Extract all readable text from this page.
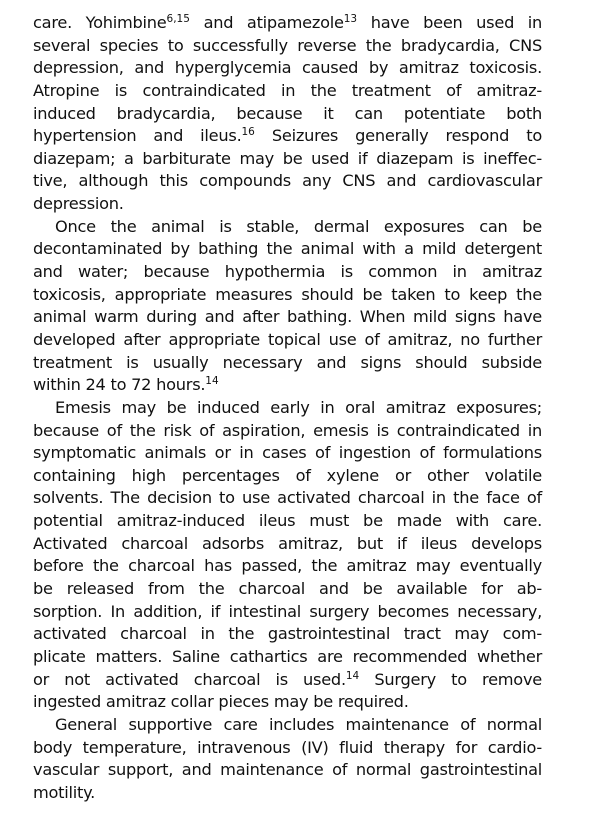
care. Yohimbine$^{6,15}$ and atipamezole$^{13}$ have been used in
several species to successfully reverse the bradycardia, CNS
depression, and hyperglycemia caused by amitraz toxicosis.
Atropine is contraindicated in the treatment of amitraz-
induced bradycardia, because it can potentiate both
hypertension and ileus.$^{16}$ Seizures generally respond to
diazepam; a barbiturate may be used if diazepam is ineffec-
tive, although this compounds any CNS and cardiovascular
depression.
Once the animal is stable, dermal exposures can be
decontaminated by bathing the animal with a mild detergent
and water; because hypothermia is common in amitraz
toxicosis, appropriate measures should be taken to keep the
animal warm during and after bathing. When mild signs have
developed after appropriate topical use of amitraz, no further
treatment is usually necessary and signs should subside
within 24 to 72 hours.$^{14}$
Emesis may be induced early in oral amitraz exposures;
because of the risk of aspiration, emesis is contraindicated in
symptomatic animals or in cases of ingestion of formulations
containing high percentages of xylene or other volatile
solvents. The decision to use activated charcoal in the face of
potential amitraz-induced ileus must be made with care.
Activated charcoal adsorbs amitraz, but if ileus develops
before the charcoal has passed, the amitraz may eventually
be released from the charcoal and be available for ab-
sorption. In addition, if intestinal surgery becomes necessary,
activated charcoal in the gastrointestinal tract may com-
plicate matters. Saline cathartics are recommended whether
or not activated charcoal is used.$^{14}$ Surgery to remove
ingested amitraz collar pieces may be required.
General supportive care includes maintenance of normal
body temperature, intravenous (IV) fluid therapy for cardio-
vascular support, and maintenance of normal gastrointestinal
motility.
